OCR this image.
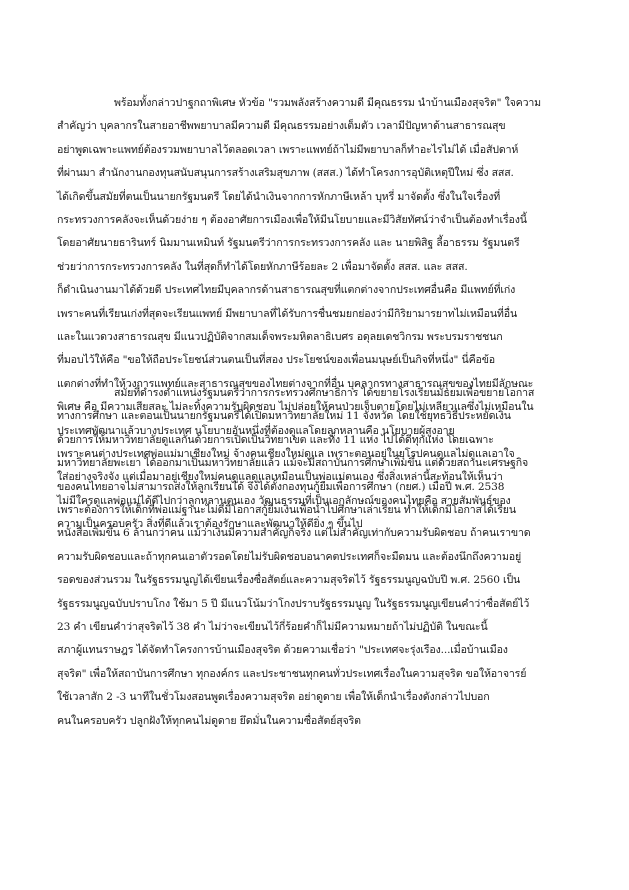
พร้อมทั้งกล่าวปาฐกถาพิเศษ หัวข้อ "รวมพลังสร้างความดี มีคุณธรรม นำบ้านเมืองสุจริต" ใจความ
สำคัญว่า บุคลากรในสายอาชีพพยาบาลมีความดี มีคุณธรรมอย่างเต็มตัว เวลามีปัญหาด้านสาธารณสุข
อย่าพูดเฉพาะแพทย์ต้องรวมพยาบาลไว้ตลอดเวลา เพราะแพทย์ถ้าไม่มีพยาบาลก็ทำอะไรไม่ได้ เมื่อสัปดาห์
ที่ผ่านมา สำนักงานกองทุนสนับสนุนการสร้างเสริมสุขภาพ (สสส.) ได้ทำโครงการอุบัติเหตุปีใหม่ ซึ่ง สสส.
ได้เกิดขึ้นสมัยที่ตนเป็นนายกรัฐมนตรี โดยได้นำเงินจากการหักภาษีเหล้า บุหรี่ มาจัดตั้ง ซึ่งในใจเรื่องที่
กระทรวงการคลังจะเห็นด้วยง่าย ๆ ต้องอาศัยการเมืองเพื่อให้มีนโยบายและมีวิสัยทัศน์ว่าจำเป็นต้องทำเรื่องนี้
โดยอาศัยนายธารินทร์ นิมมานเหมินท์ รัฐมนตรีว่าการกระทรวงการคลัง และ นายพิสิฐ ลี้อาธรรม รัฐมนตรี
ช่วยว่าการกระทรวงการคลัง ในที่สุดก็ทำได้โดยหักภาษีร้อยละ 2 เพื่อมาจัดตั้ง สสส. และ สสส.
ก็ดำเนินงานมาได้ด้วยดี ประเทศไทยมีบุคลากรด้านสาธารณสุขที่แตกต่างจากประเทศอื่นคือ มีแพทย์ที่เก่ง
เพราะคนที่เรียนเก่งที่สุดจะเรียนแพทย์ มีพยาบาลที่ได้รับการชื่นชมยกย่องว่ามีกิริยามารยาทไม่เหมือนที่อื่น
และในแวดวงสาธารณสุข มีแนวปฏิบัติจากสมเด็จพระมหิตลาธิเบศร อดุลยเดชวิกรม พระบรมราชชนก
ที่มอบไว้ให้คือ "ขอให้ถือประโยชน์ส่วนตนเป็นที่สอง ประโยชน์ของเพื่อนมนุษย์เป็นกิจที่หนึ่ง" นี่คือข้อ
แตกต่างที่ทำให้วงการแพทย์และสาธารณสุขของไทยต่างจากที่อื่น บุคลากรทางสาธารณสุขของไทยมีลักษณะ
พิเศษ คือ มีความเสียสละ ไม่ละทิ้งความรับผิดชอบ ไม่ปล่อยให้คนป่วยเจ็บตายโดยไม่เหลียวแลซึ่งไม่เหมือนใน
ประเทศพัฒนาแล้วบางประเทศ นโยบายอันหนึ่งที่ต้องดูแลโดยลูกหลานคือ นโยบายผู้สูงอายุ
เพราะคนต่างประเทศพ่อแม่มาเชียงใหม่ จ้างคนเชียงใหม่ดูแล เพราะตอนอยู่ในยุโรปคนดูแลไม่ดูแลเอาใจ
ใส่อย่างจริงจัง แต่เมื่อมาอยู่เชียงใหม่คนดูแลดูแลเหมือนเป็นพ่อแม่ตนเอง ซึ่งสิ่งเหล่านี้สะท้อนให้เห็นว่า
ไม่มีใครดูแลพ่อแม่ได้ดีไปกว่าลูกหลานตนเอง วัฒนธรรมที่เป็นเอกลักษณ์ของคนไทยคือ สายสัมพันธ์ของ
ความเป็นครอบครัว สิ่งที่ดีแล้วเราต้องรักษาและพัฒนาให้ดียิ่ง ๆ ขึ้นไป
สมัยที่ดำรงตำแหน่งรัฐมนตรีว่าการกระทรวงศึกษาธิการ ได้ขยายโรงเรียนมัธยมเพื่อขยายโอกาส
ทางการศึกษา และตอนเป็นนายกรัฐมนตรีได้เปิดมหาวิทยาลัยใหม่ 11 จังหวัด โดยใช้ยุทธวิธีประหยัดเงิน
ด้วยการให้มหาวิทยาลัยดูแลกันด้วยการเปิดเป็นวิทยาเขต และทั้ง 11 แห่ง ไปได้ดีทุกแห่ง โดยเฉพาะ
มหาวิทยาลัยพะเยา ได้ออกมาเป็นมหาวิทยาลัยแล้ว แม้จะมีสถาบันการศึกษาเพิ่มขึ้น แต่ด้วยสถานะเศรษฐกิจ
ของคนไทยอาจไม่สามารถส่งให้ลูกเรียนได้ จึงได้ตั้งกองทุนกู้ยืมเพื่อการศึกษา (กยศ.) เมื่อปี พ.ศ. 2538
เพราะต้องการให้เด็กที่พ่อแม่ฐานะไม่ดีมีโอกาสกู้ยืมเงินเพื่อนำไปศึกษาเล่าเรียน ทำให้เด็กมีโอกาสได้เรียน
หนังสือเพิ่มขึ้น 6 ล้านกว่าคน แม้ว่าเงินมีความสำคัญก็จริง แต่ไม่สำคัญเท่ากับความรับผิดชอบ ถ้าคนเราขาด
ความรับผิดชอบและถ้าทุกคนเอาตัวรอดโดยไม่รับผิดชอบอนาคตประเทศก็จะมืดมน และต้องนึกถึงความอยู่
รอดของส่วนรวม ในรัฐธรรมนูญได้เขียนเรื่องซื่อสัตย์และความสุจริตไว้ รัฐธรรมนูญฉบับปี พ.ศ. 2560 เป็น
รัฐธรรมนูญฉบับปราบโกง ใช้มา 5 ปี มีแนวโน้มว่าโกงปราบรัฐธรรมนูญ ในรัฐธรรมนูญเขียนคำว่าซื่อสัตย์ไว้
23 คำ เขียนคำว่าสุจริตไว้ 38 คำ ไม่ว่าจะเขียนไว้กี่ร้อยคำก็ไม่มีความหมายถ้าไม่ปฏิบัติ ในขณะนี้
สภาผู้แทนราษฎร ได้จัดทำโครงการบ้านเมืองสุจริต ด้วยความเชื่อว่า "ประเทศจะรุ่งเรือง...เมื่อบ้านเมือง
สุจริต" เพื่อให้สถาบันการศึกษา ทุกองค์กร และประชาชนทุกคนทั่วประเทศเรื่องในความสุจริต ขอให้อาจารย์
ใช้เวลาสัก 2 -3 นาทีในชั่วโมงสอนพูดเรื่องความสุจริต อย่าดูดาย เพื่อให้เด็กนำเรื่องดังกล่าวไปบอก
คนในครอบครัว ปลูกฝังให้ทุกคนไม่ดูดาย ยึดมั่นในความซื่อสัตย์สุจริต
